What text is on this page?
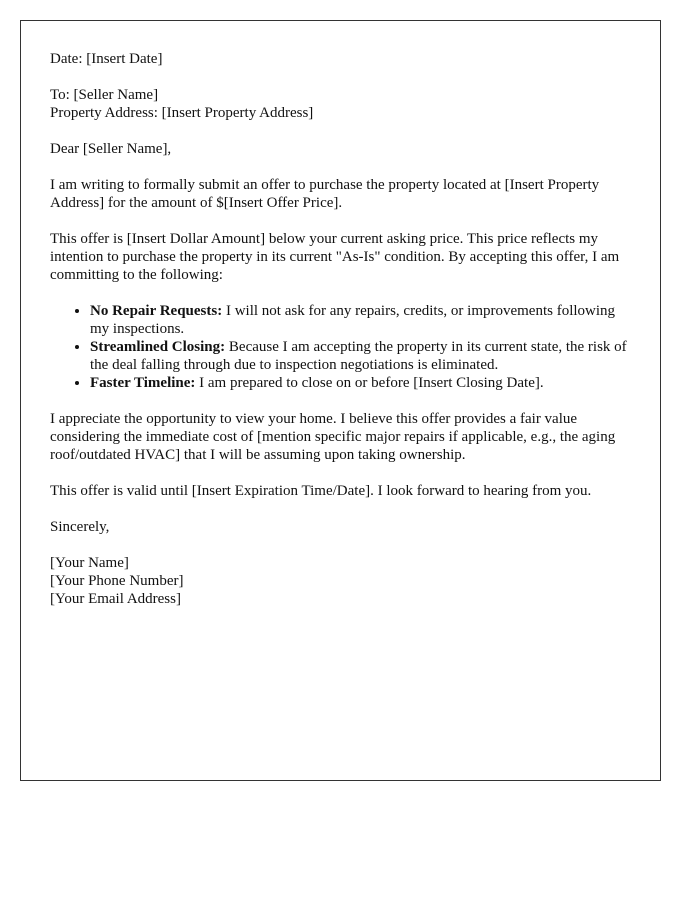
Date: [Insert Date]

To: [Seller Name]
Property Address: [Insert Property Address]

Dear [Seller Name],

I am writing to formally submit an offer to purchase the property located at [Insert Property Address] for the amount of $[Insert Offer Price].

This offer is [Insert Dollar Amount] below your current asking price. This price reflects my intention to purchase the property in its current "As-Is" condition. By accepting this offer, I am committing to the following:

• No Repair Requests: I will not ask for any repairs, credits, or improvements following my inspections.
• Streamlined Closing: Because I am accepting the property in its current state, the risk of the deal falling through due to inspection negotiations is eliminated.
• Faster Timeline: I am prepared to close on or before [Insert Closing Date].

I appreciate the opportunity to view your home. I believe this offer provides a fair value considering the immediate cost of [mention specific major repairs if applicable, e.g., the aging roof/outdated HVAC] that I will be assuming upon taking ownership.

This offer is valid until [Insert Expiration Time/Date]. I look forward to hearing from you.

Sincerely,

[Your Name]
[Your Phone Number]
[Your Email Address]
